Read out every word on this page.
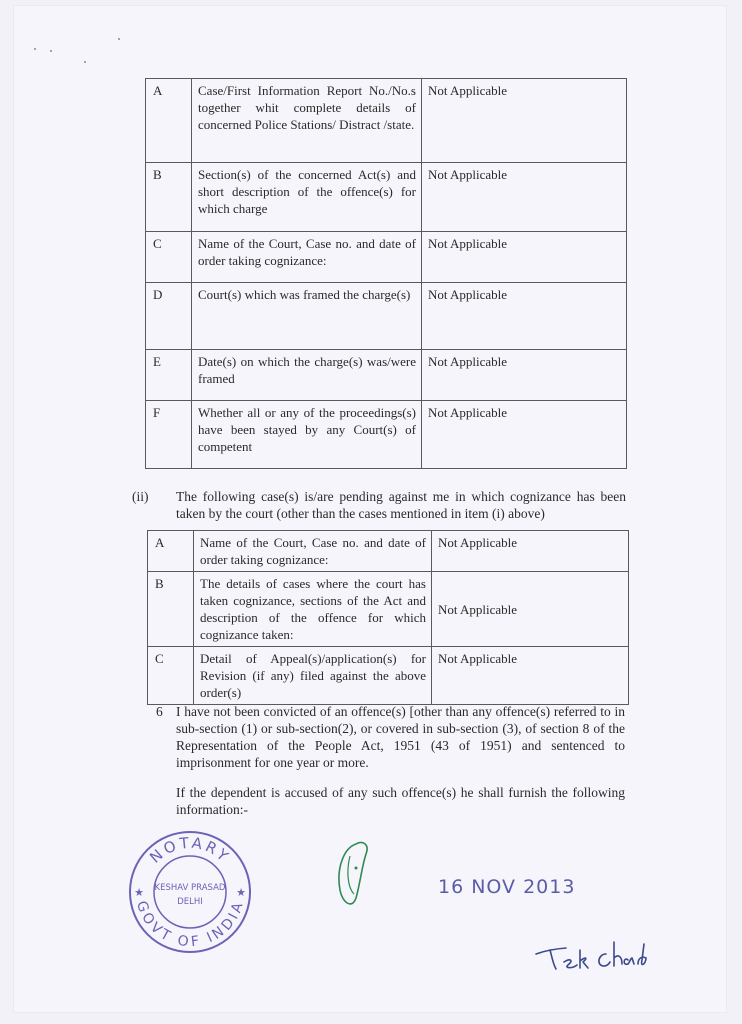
A	Case/First Information Report No./No.s together whit complete details of concerned Police Stations/ Distract /state.	Not Applicable
B	Section(s) of the concerned Act(s) and short description of the offence(s) for which charge	Not Applicable
C	Name of the Court, Case no. and date of order taking cognizance:	Not Applicable
D	Court(s) which was framed the charge(s)	Not Applicable
E	Date(s) on which the charge(s) was/were framed	Not Applicable
F	Whether all or any of the proceedings(s) have been stayed by any Court(s) of competent	Not Applicable
(ii) The following case(s) is/are pending against me in which cognizance has been taken by the court (other than the cases mentioned in item (i) above)
A	Name of the Court, Case no. and date of order taking cognizance:	Not Applicable
B	The details of cases where the court has taken cognizance, sections of the Act and description of the offence for which cognizance taken:	Not Applicable
C	Detail of Appeal(s)/application(s) for Revision (if any) filed against the above order(s)	Not Applicable
6 I have not been convicted of an offence(s) [other than any offence(s) referred to in sub-section (1) or sub-section(2), or covered in sub-section (3), of section 8 of the Representation of the People Act, 1951 (43 of 1951) and sentenced to imprisonment for one year or more.
If the dependent is accused of any such offence(s) he shall furnish the following information:-
NOTARY
GOVT OF INDIA
KESHAV PRASAD
DELHI
★	★	16 NOV 2013
